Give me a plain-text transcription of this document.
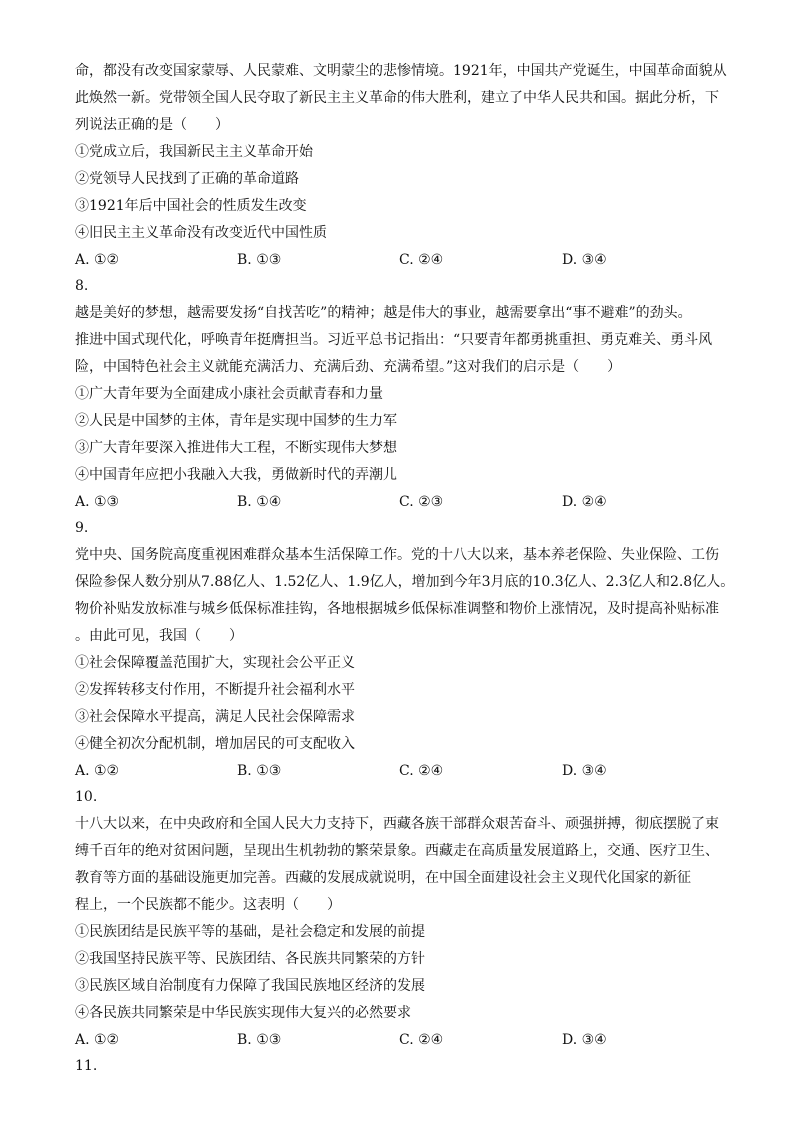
命，都没有改变国家蒙辱、人民蒙难、文明蒙尘的悲惨情境。1921年，中国共产党诞生，中国革命面貌从
此焕然一新。党带领全国人民夺取了新民主主义革命的伟大胜利，建立了中华人民共和国。据此分析，下
列说法正确的是（　　）
①党成立后，我国新民主主义革命开始
②党领导人民找到了正确的革命道路
③1921年后中国社会的性质发生改变
④旧民主主义革命没有改变近代中国性质
A. ①②	B. ①③	C. ②④	D. ③④
8.
越是美好的梦想，越需要发扬“自找苦吃”的精神；越是伟大的事业，越需要拿出“事不避难”的劲头。
推进中国式现代化，呼唤青年挺膺担当。习近平总书记指出：“只要青年都勇挑重担、勇克难关、勇斗风
险，中国特色社会主义就能充满活力、充满后劲、充满希望。”这对我们的启示是（　　）
①广大青年要为全面建成小康社会贡献青春和力量
②人民是中国梦的主体，青年是实现中国梦的生力军
③广大青年要深入推进伟大工程，不断实现伟大梦想
④中国青年应把小我融入大我，勇做新时代的弄潮儿
A. ①③	B. ①④	C. ②③	D. ②④
9.
党中央、国务院高度重视困难群众基本生活保障工作。党的十八大以来，基本养老保险、失业保险、工伤
保险参保人数分别从7.88亿人、1.52亿人、1.9亿人，增加到今年3月底的10.3亿人、2.3亿人和2.8亿人。
物价补贴发放标准与城乡低保标准挂钩，各地根据城乡低保标准调整和物价上涨情况，及时提高补贴标准
。由此可见，我国（　　）
①社会保障覆盖范围扩大，实现社会公平正义
②发挥转移支付作用，不断提升社会福利水平
③社会保障水平提高，满足人民社会保障需求
④健全初次分配机制，增加居民的可支配收入
A. ①②	B. ①③	C. ②④	D. ③④
10.
十八大以来，在中央政府和全国人民大力支持下，西藏各族干部群众艰苦奋斗、顽强拼搏，彻底摆脱了束
缚千百年的绝对贫困问题，呈现出生机勃勃的繁荣景象。西藏走在高质量发展道路上，交通、医疗卫生、
教育等方面的基础设施更加完善。西藏的发展成就说明，在中国全面建设社会主义现代化国家的新征
程上，一个民族都不能少。这表明（　　）
①民族团结是民族平等的基础，是社会稳定和发展的前提
②我国坚持民族平等、民族团结、各民族共同繁荣的方针
③民族区域自治制度有力保障了我国民族地区经济的发展
④各民族共同繁荣是中华民族实现伟大复兴的必然要求
A. ①②	B. ①③	C. ②④	D. ③④
11.
